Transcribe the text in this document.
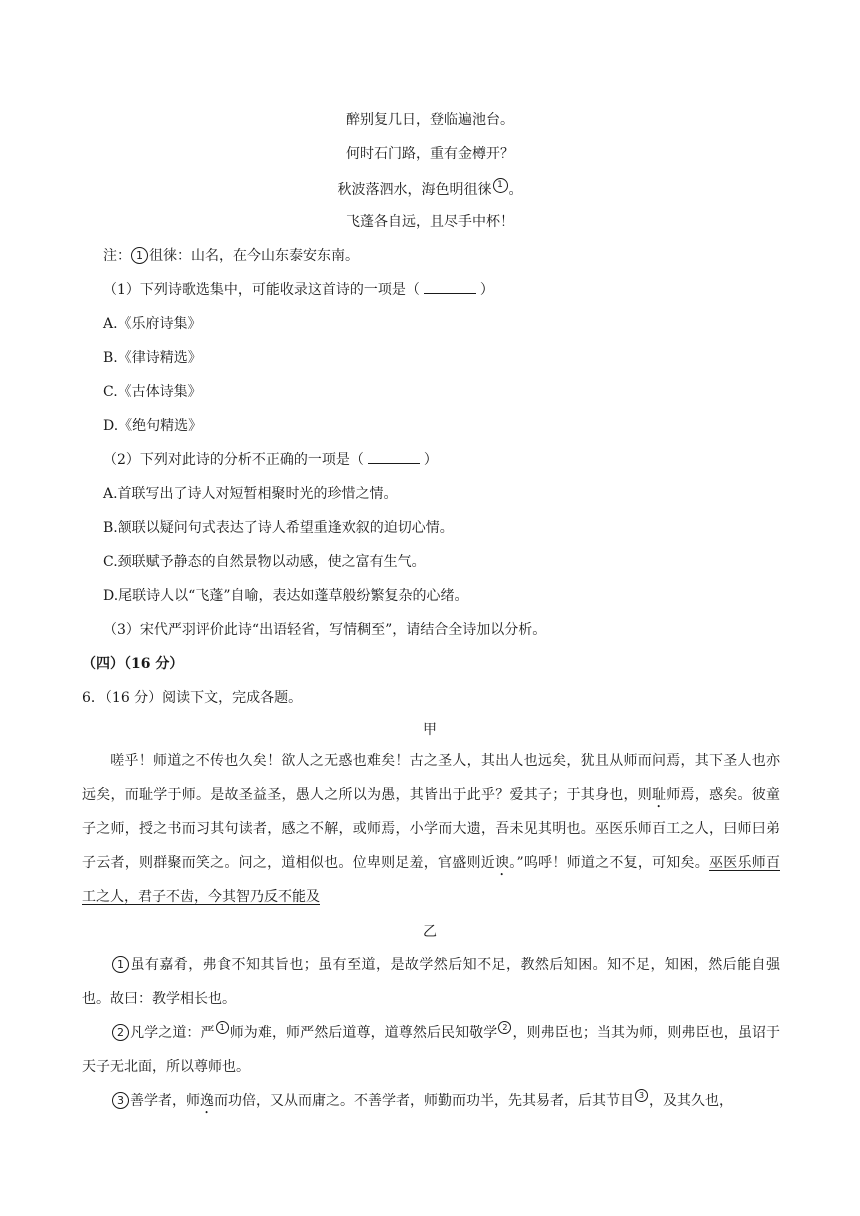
醉别复几日，登临遍池台。
何时石门路，重有金樽开？
秋波落泗水，海色明徂徕 1 。
飞蓬各自远，且尽手中杯！
注： 1 徂徕：山名，在今山东泰安东南。
（1）下列诗歌选集中，可能收录这首诗的一项是（	）
A.《乐府诗集》
B.《律诗精选》
C.《古体诗集》
D.《绝句精选》
（2）下列对此诗的分析不正确的一项是（	）
A.首联写出了诗人对短暂相聚时光的珍惜之情。
B.颔联以疑问句式表达了诗人希望重逢欢叙的迫切心情。
C.颈联赋予静态的自然景物以动感，使之富有生气。
D.尾联诗人以“飞蓬”自喻，表达如蓬草般纷繁复杂的心绪。
（3）宋代严羽评价此诗“出语轻省，写情稠至”，请结合全诗加以分析。
（四）（16 分）
6．（16 分）阅读下文，完成各题。
甲
嗟乎！师道之不传也久矣！欲人之无惑也难矣！古之圣人，其出人也远矣，犹且从师而问焉，其下圣人也亦远矣，而耻学于师。是故圣益圣，愚人之所以为愚，其皆出于此乎？爱其子；于其身也，则耻师焉，惑矣。彼童子之师，授之书而习其句读者，感之不解，或师焉，小学而大遗，吾未见其明也。巫医乐师百工之人，曰师曰弟子云者，则群聚而笑之。问之，道相似也。位卑则足羞，官盛则近谀。”呜呼！师道之不复，可知矣。巫医乐师百工之人，君子不齿，今其智乃反不能及
乙
1 虽有嘉肴，弗食不知其旨也；虽有至道，是故学然后知不足，教然后知困。知不足，知困，然后能自强也。故曰：教学相长也。
2 凡学之道：严 1 师为难，师严然后道尊，道尊然后民知敬学 2 ，则弗臣也；当其为师，则弗臣也，虽诏于天子无北面，所以尊师也。
3 善学者，师逸而功倍，又从而庸之。不善学者，师勤而功半，先其易者，后其节目 3 ，及其久也，
